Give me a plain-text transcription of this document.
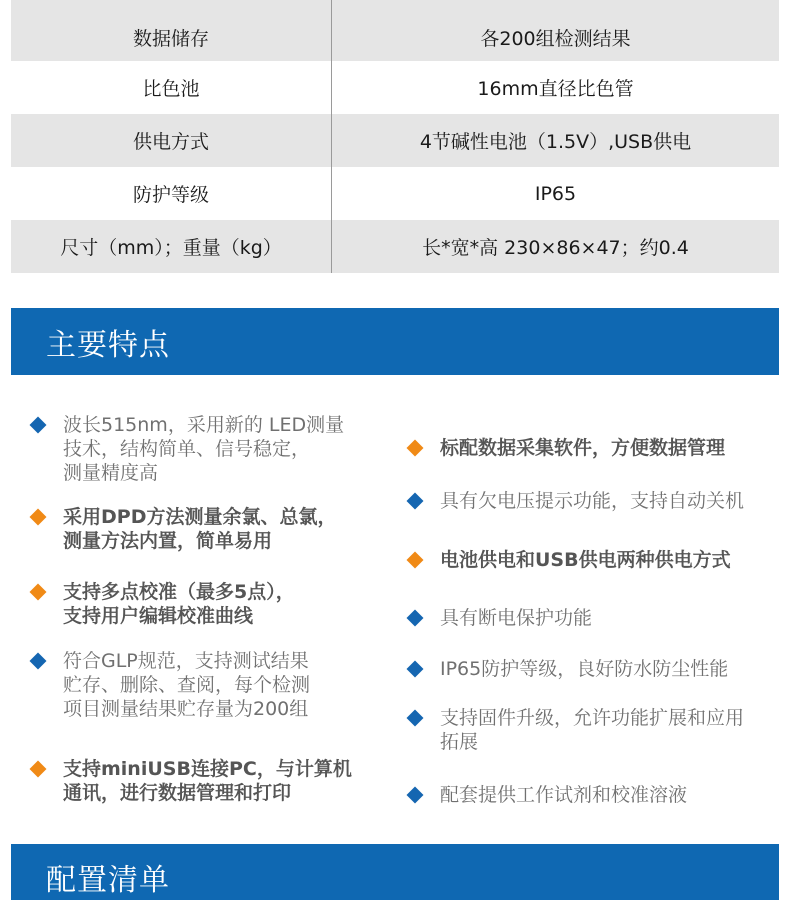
数据储存	各200组检测结果
比色池	16mm直径比色管
供电方式	4节碱性电池（1.5V）,USB供电
防护等级	IP65
尺寸（mm）；重量（kg）	长*宽*高 230×86×47；约0.4
主要特点
波长515nm，采用新的 LED测量
技术，结构简单、信号稳定，
测量精度高
采用DPD方法测量余氯、总氯，
测量方法内置，简单易用
支持多点校准（最多5点），
支持用户编辑校准曲线
符合GLP规范，支持测试结果
贮存、删除、查阅，每个检测
项目测量结果贮存量为200组
支持miniUSB连接PC，与计算机
通讯，进行数据管理和打印
标配数据采集软件，方便数据管理
具有欠电压提示功能，支持自动关机
电池供电和USB供电两种供电方式
具有断电保护功能
IP65防护等级，良好防水防尘性能
支持固件升级，允许功能扩展和应用
拓展
配套提供工作试剂和校准溶液
配置清单
